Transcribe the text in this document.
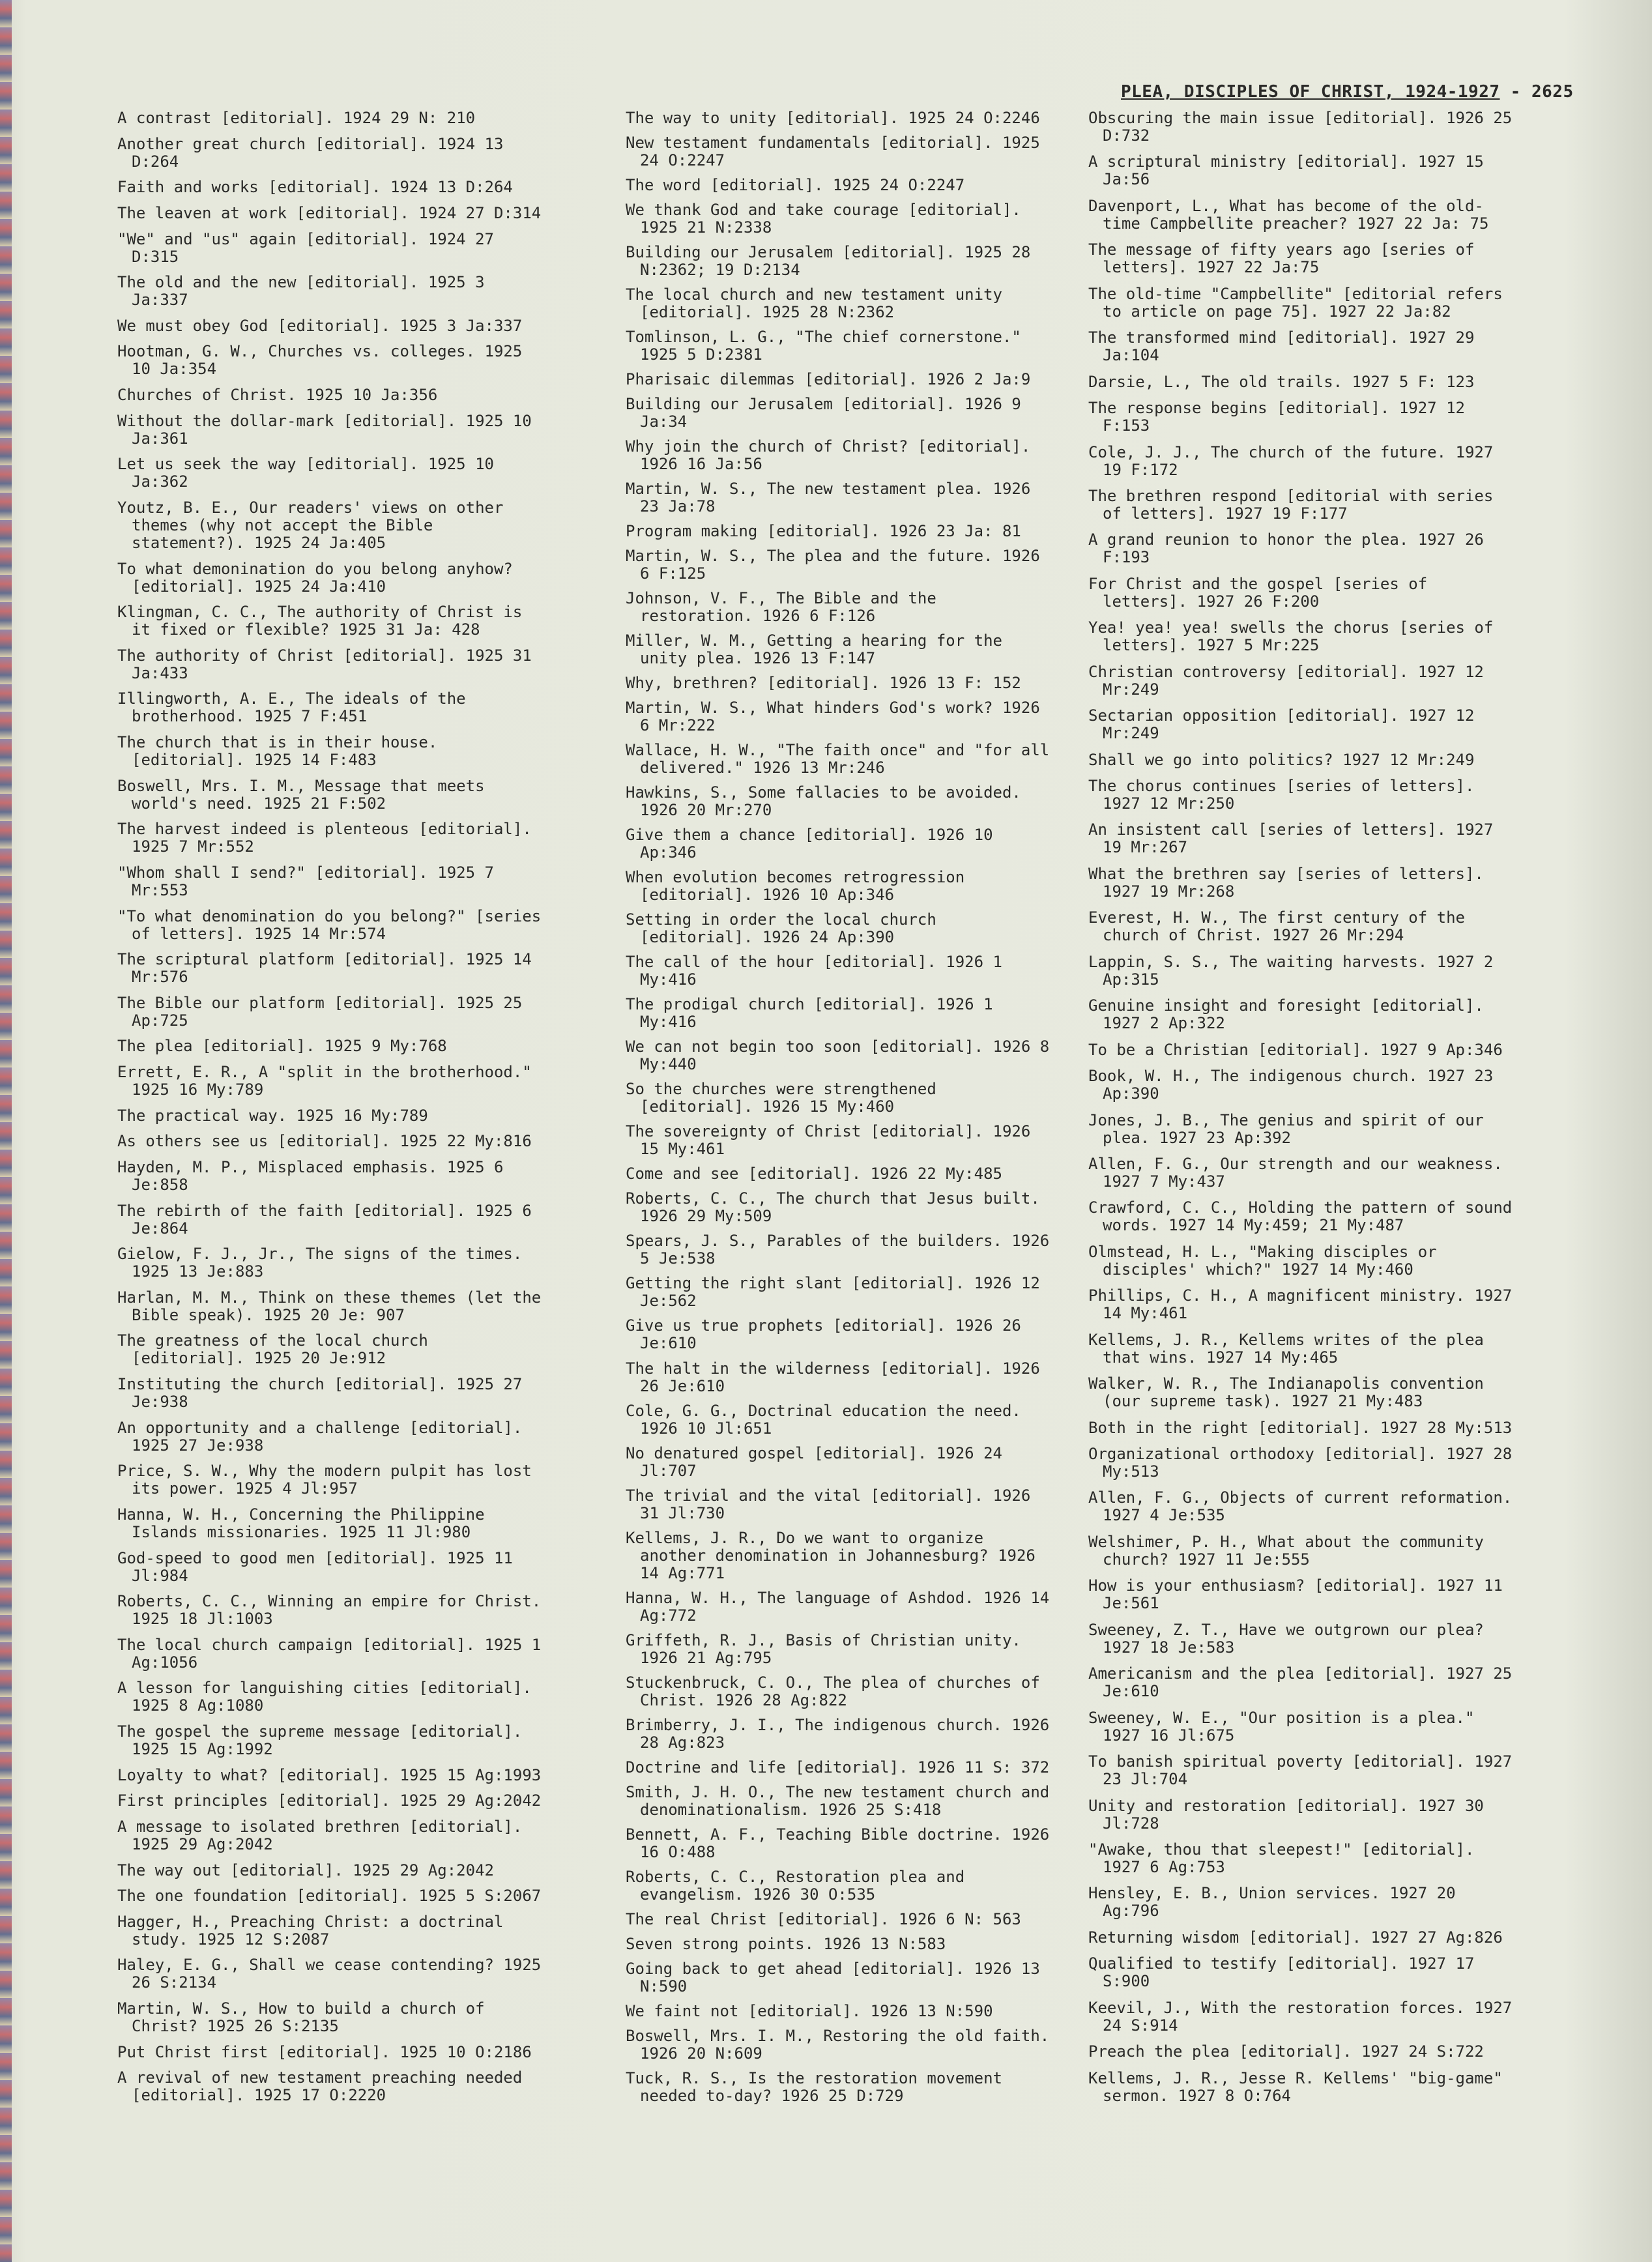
PLEA, DISCIPLES OF CHRIST, 1924-1927 - 2625
A contrast [editorial]. 1924 29 N: 210
Another great church [editorial]. 1924 13 D:264
Faith and works [editorial]. 1924 13 D:264
The leaven at work [editorial]. 1924 27 D:314
"We" and "us" again [editorial]. 1924 27 D:315
The old and the new [editorial]. 1925 3 Ja:337
We must obey God [editorial]. 1925 3 Ja:337
Hootman, G. W., Churches vs. colleges. 1925 10 Ja:354
Churches of Christ. 1925 10 Ja:356
Without the dollar-mark [editorial]. 1925 10 Ja:361
Let us seek the way [editorial]. 1925 10 Ja:362
Youtz, B. E., Our readers' views on other themes (why not accept the Bible statement?). 1925 24 Ja:405
To what demonination do you belong anyhow? [editorial]. 1925 24 Ja:410
Klingman, C. C., The authority of Christ is it fixed or flexible? 1925 31 Ja: 428
The authority of Christ [editorial]. 1925 31 Ja:433
Illingworth, A. E., The ideals of the brotherhood. 1925 7 F:451
The church that is in their house. [editorial]. 1925 14 F:483
Boswell, Mrs. I. M., Message that meets world's need. 1925 21 F:502
The harvest indeed is plenteous [editorial]. 1925 7 Mr:552
"Whom shall I send?" [editorial]. 1925 7 Mr:553
"To what denomination do you belong?" [series of letters]. 1925 14 Mr:574
The scriptural platform [editorial]. 1925 14 Mr:576
The Bible our platform [editorial]. 1925 25 Ap:725
The plea [editorial]. 1925 9 My:768
Errett, E. R., A "split in the brotherhood." 1925 16 My:789
The practical way. 1925 16 My:789
As others see us [editorial]. 1925 22 My:816
Hayden, M. P., Misplaced emphasis. 1925 6 Je:858
The rebirth of the faith [editorial]. 1925 6 Je:864
Gielow, F. J., Jr., The signs of the times. 1925 13 Je:883
Harlan, M. M., Think on these themes (let the Bible speak). 1925 20 Je: 907
The greatness of the local church [editorial]. 1925 20 Je:912
Instituting the church [editorial]. 1925 27 Je:938
An opportunity and a challenge [editorial]. 1925 27 Je:938
Price, S. W., Why the modern pulpit has lost its power. 1925 4 Jl:957
Hanna, W. H., Concerning the Philippine Islands missionaries. 1925 11 Jl:980
God-speed to good men [editorial]. 1925 11 Jl:984
Roberts, C. C., Winning an empire for Christ. 1925 18 Jl:1003
The local church campaign [editorial]. 1925 1 Ag:1056
A lesson for languishing cities [editorial]. 1925 8 Ag:1080
The gospel the supreme message [editorial]. 1925 15 Ag:1992
Loyalty to what? [editorial]. 1925 15 Ag:1993
First principles [editorial]. 1925 29 Ag:2042
A message to isolated brethren [editorial]. 1925 29 Ag:2042
The way out [editorial]. 1925 29 Ag:2042
The one foundation [editorial]. 1925 5 S:2067
Hagger, H., Preaching Christ: a doctrinal study. 1925 12 S:2087
Haley, E. G., Shall we cease contending? 1925 26 S:2134
Martin, W. S., How to build a church of Christ? 1925 26 S:2135
Put Christ first [editorial]. 1925 10 O:2186
A revival of new testament preaching needed [editorial]. 1925 17 O:2220
The way to unity [editorial]. 1925 24 O:2246
New testament fundamentals [editorial]. 1925 24 O:2247
The word [editorial]. 1925 24 O:2247
We thank God and take courage [editorial]. 1925 21 N:2338
Building our Jerusalem [editorial]. 1925 28 N:2362; 19 D:2134
The local church and new testament unity [editorial]. 1925 28 N:2362
Tomlinson, L. G., "The chief cornerstone." 1925 5 D:2381
Pharisaic dilemmas [editorial]. 1926 2 Ja:9
Building our Jerusalem [editorial]. 1926 9 Ja:34
Why join the church of Christ? [editorial]. 1926 16 Ja:56
Martin, W. S., The new testament plea. 1926 23 Ja:78
Program making [editorial]. 1926 23 Ja: 81
Martin, W. S., The plea and the future. 1926 6 F:125
Johnson, V. F., The Bible and the restoration. 1926 6 F:126
Miller, W. M., Getting a hearing for the unity plea. 1926 13 F:147
Why, brethren? [editorial]. 1926 13 F: 152
Martin, W. S., What hinders God's work? 1926 6 Mr:222
Wallace, H. W., "The faith once" and "for all delivered." 1926 13 Mr:246
Hawkins, S., Some fallacies to be avoided. 1926 20 Mr:270
Give them a chance [editorial]. 1926 10 Ap:346
When evolution becomes retrogression [editorial]. 1926 10 Ap:346
Setting in order the local church [editorial]. 1926 24 Ap:390
The call of the hour [editorial]. 1926 1 My:416
The prodigal church [editorial]. 1926 1 My:416
We can not begin too soon [editorial]. 1926 8 My:440
So the churches were strengthened [editorial]. 1926 15 My:460
The sovereignty of Christ [editorial]. 1926 15 My:461
Come and see [editorial]. 1926 22 My:485
Roberts, C. C., The church that Jesus built. 1926 29 My:509
Spears, J. S., Parables of the builders. 1926 5 Je:538
Getting the right slant [editorial]. 1926 12 Je:562
Give us true prophets [editorial]. 1926 26 Je:610
The halt in the wilderness [editorial]. 1926 26 Je:610
Cole, G. G., Doctrinal education the need. 1926 10 Jl:651
No denatured gospel [editorial]. 1926 24 Jl:707
The trivial and the vital [editorial]. 1926 31 Jl:730
Kellems, J. R., Do we want to organize another denomination in Johannesburg? 1926 14 Ag:771
Hanna, W. H., The language of Ashdod. 1926 14 Ag:772
Griffeth, R. J., Basis of Christian unity. 1926 21 Ag:795
Stuckenbruck, C. O., The plea of churches of Christ. 1926 28 Ag:822
Brimberry, J. I., The indigenous church. 1926 28 Ag:823
Doctrine and life [editorial]. 1926 11 S: 372
Smith, J. H. O., The new testament church and denominationalism. 1926 25 S:418
Bennett, A. F., Teaching Bible doctrine. 1926 16 O:488
Roberts, C. C., Restoration plea and evangelism. 1926 30 O:535
The real Christ [editorial]. 1926 6 N: 563
Seven strong points. 1926 13 N:583
Going back to get ahead [editorial]. 1926 13 N:590
We faint not [editorial]. 1926 13 N:590
Boswell, Mrs. I. M., Restoring the old faith. 1926 20 N:609
Tuck, R. S., Is the restoration movement needed to-day? 1926 25 D:729
Obscuring the main issue [editorial]. 1926 25 D:732
A scriptural ministry [editorial]. 1927 15 Ja:56
Davenport, L., What has become of the old-time Campbellite preacher? 1927 22 Ja: 75
The message of fifty years ago [series of letters]. 1927 22 Ja:75
The old-time "Campbellite" [editorial refers to article on page 75]. 1927 22 Ja:82
The transformed mind [editorial]. 1927 29 Ja:104
Darsie, L., The old trails. 1927 5 F: 123
The response begins [editorial]. 1927 12 F:153
Cole, J. J., The church of the future. 1927 19 F:172
The brethren respond [editorial with series of letters]. 1927 19 F:177
A grand reunion to honor the plea. 1927 26 F:193
For Christ and the gospel [series of letters]. 1927 26 F:200
Yea! yea! yea! swells the chorus [series of letters]. 1927 5 Mr:225
Christian controversy [editorial]. 1927 12 Mr:249
Sectarian opposition [editorial]. 1927 12 Mr:249
Shall we go into politics? 1927 12 Mr:249
The chorus continues [series of letters]. 1927 12 Mr:250
An insistent call [series of letters]. 1927 19 Mr:267
What the brethren say [series of letters]. 1927 19 Mr:268
Everest, H. W., The first century of the church of Christ. 1927 26 Mr:294
Lappin, S. S., The waiting harvests. 1927 2 Ap:315
Genuine insight and foresight [editorial]. 1927 2 Ap:322
To be a Christian [editorial]. 1927 9 Ap:346
Book, W. H., The indigenous church. 1927 23 Ap:390
Jones, J. B., The genius and spirit of our plea. 1927 23 Ap:392
Allen, F. G., Our strength and our weakness. 1927 7 My:437
Crawford, C. C., Holding the pattern of sound words. 1927 14 My:459; 21 My:487
Olmstead, H. L., "Making disciples or disciples' which?" 1927 14 My:460
Phillips, C. H., A magnificent ministry. 1927 14 My:461
Kellems, J. R., Kellems writes of the plea that wins. 1927 14 My:465
Walker, W. R., The Indianapolis convention (our supreme task). 1927 21 My:483
Both in the right [editorial]. 1927 28 My:513
Organizational orthodoxy [editorial]. 1927 28 My:513
Allen, F. G., Objects of current reformation. 1927 4 Je:535
Welshimer, P. H., What about the community church? 1927 11 Je:555
How is your enthusiasm? [editorial]. 1927 11 Je:561
Sweeney, Z. T., Have we outgrown our plea? 1927 18 Je:583
Americanism and the plea [editorial]. 1927 25 Je:610
Sweeney, W. E., "Our position is a plea." 1927 16 Jl:675
To banish spiritual poverty [editorial]. 1927 23 Jl:704
Unity and restoration [editorial]. 1927 30 Jl:728
"Awake, thou that sleepest!" [editorial]. 1927 6 Ag:753
Hensley, E. B., Union services. 1927 20 Ag:796
Returning wisdom [editorial]. 1927 27 Ag:826
Qualified to testify [editorial]. 1927 17 S:900
Keevil, J., With the restoration forces. 1927 24 S:914
Preach the plea [editorial]. 1927 24 S:722
Kellems, J. R., Jesse R. Kellems' "big-game" sermon. 1927 8 O:764
